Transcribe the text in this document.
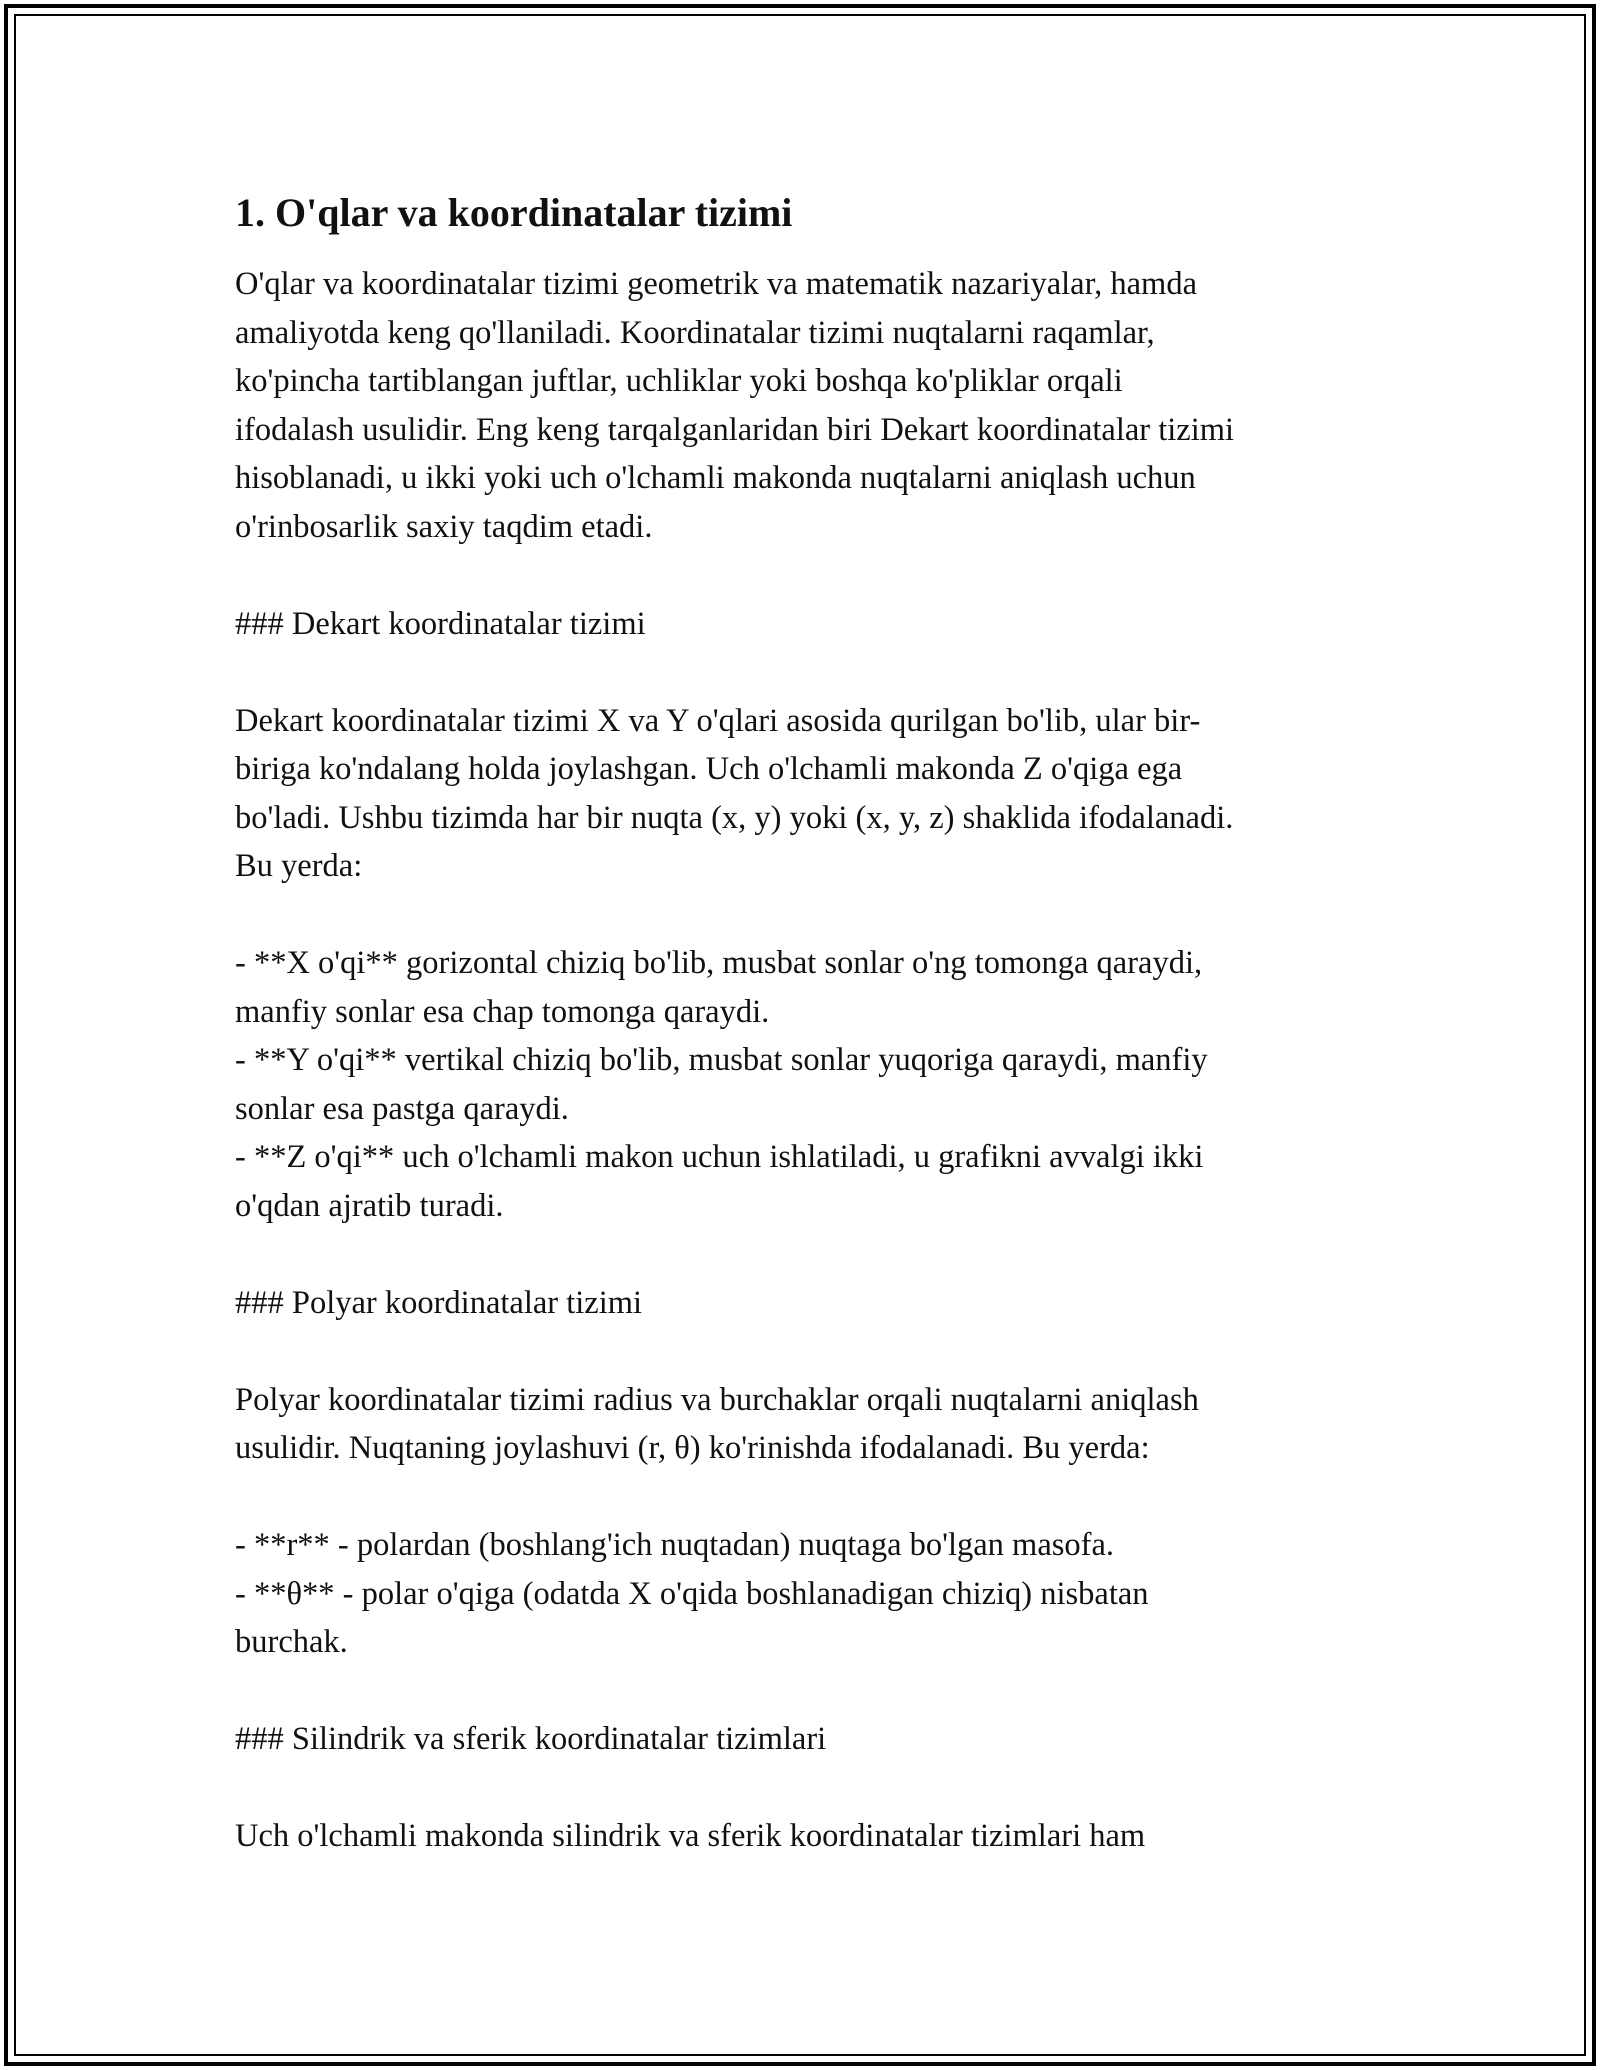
1. O'qlar va koordinatalar tizimi
O'qlar va koordinatalar tizimi geometrik va matematik nazariyalar, hamda
amaliyotda keng qo'llaniladi. Koordinatalar tizimi nuqtalarni raqamlar,
ko'pincha tartiblangan juftlar, uchliklar yoki boshqa ko'pliklar orqali
ifodalash usulidir. Eng keng tarqalganlaridan biri Dekart koordinatalar tizimi
hisoblanadi, u ikki yoki uch o'lchamli makonda nuqtalarni aniqlash uchun
o'rinbosarlik saxiy taqdim etadi.
### Dekart koordinatalar tizimi
Dekart koordinatalar tizimi X va Y o'qlari asosida qurilgan bo'lib, ular bir-
biriga ko'ndalang holda joylashgan. Uch o'lchamli makonda Z o'qiga ega
bo'ladi. Ushbu tizimda har bir nuqta (x, y) yoki (x, y, z) shaklida ifodalanadi.
Bu yerda:
- **X o'qi** gorizontal chiziq bo'lib, musbat sonlar o'ng tomonga qaraydi,
manfiy sonlar esa chap tomonga qaraydi.
- **Y o'qi** vertikal chiziq bo'lib, musbat sonlar yuqoriga qaraydi, manfiy
sonlar esa pastga qaraydi.
- **Z o'qi** uch o'lchamli makon uchun ishlatiladi, u grafikni avvalgi ikki
o'qdan ajratib turadi.
### Polyar koordinatalar tizimi
Polyar koordinatalar tizimi radius va burchaklar orqali nuqtalarni aniqlash
usulidir. Nuqtaning joylashuvi (r, θ) ko'rinishda ifodalanadi. Bu yerda:
- **r** - polardan (boshlang'ich nuqtadan) nuqtaga bo'lgan masofa.
- **θ** - polar o'qiga (odatda X o'qida boshlanadigan chiziq) nisbatan
burchak.
### Silindrik va sferik koordinatalar tizimlari
Uch o'lchamli makonda silindrik va sferik koordinatalar tizimlari ham
